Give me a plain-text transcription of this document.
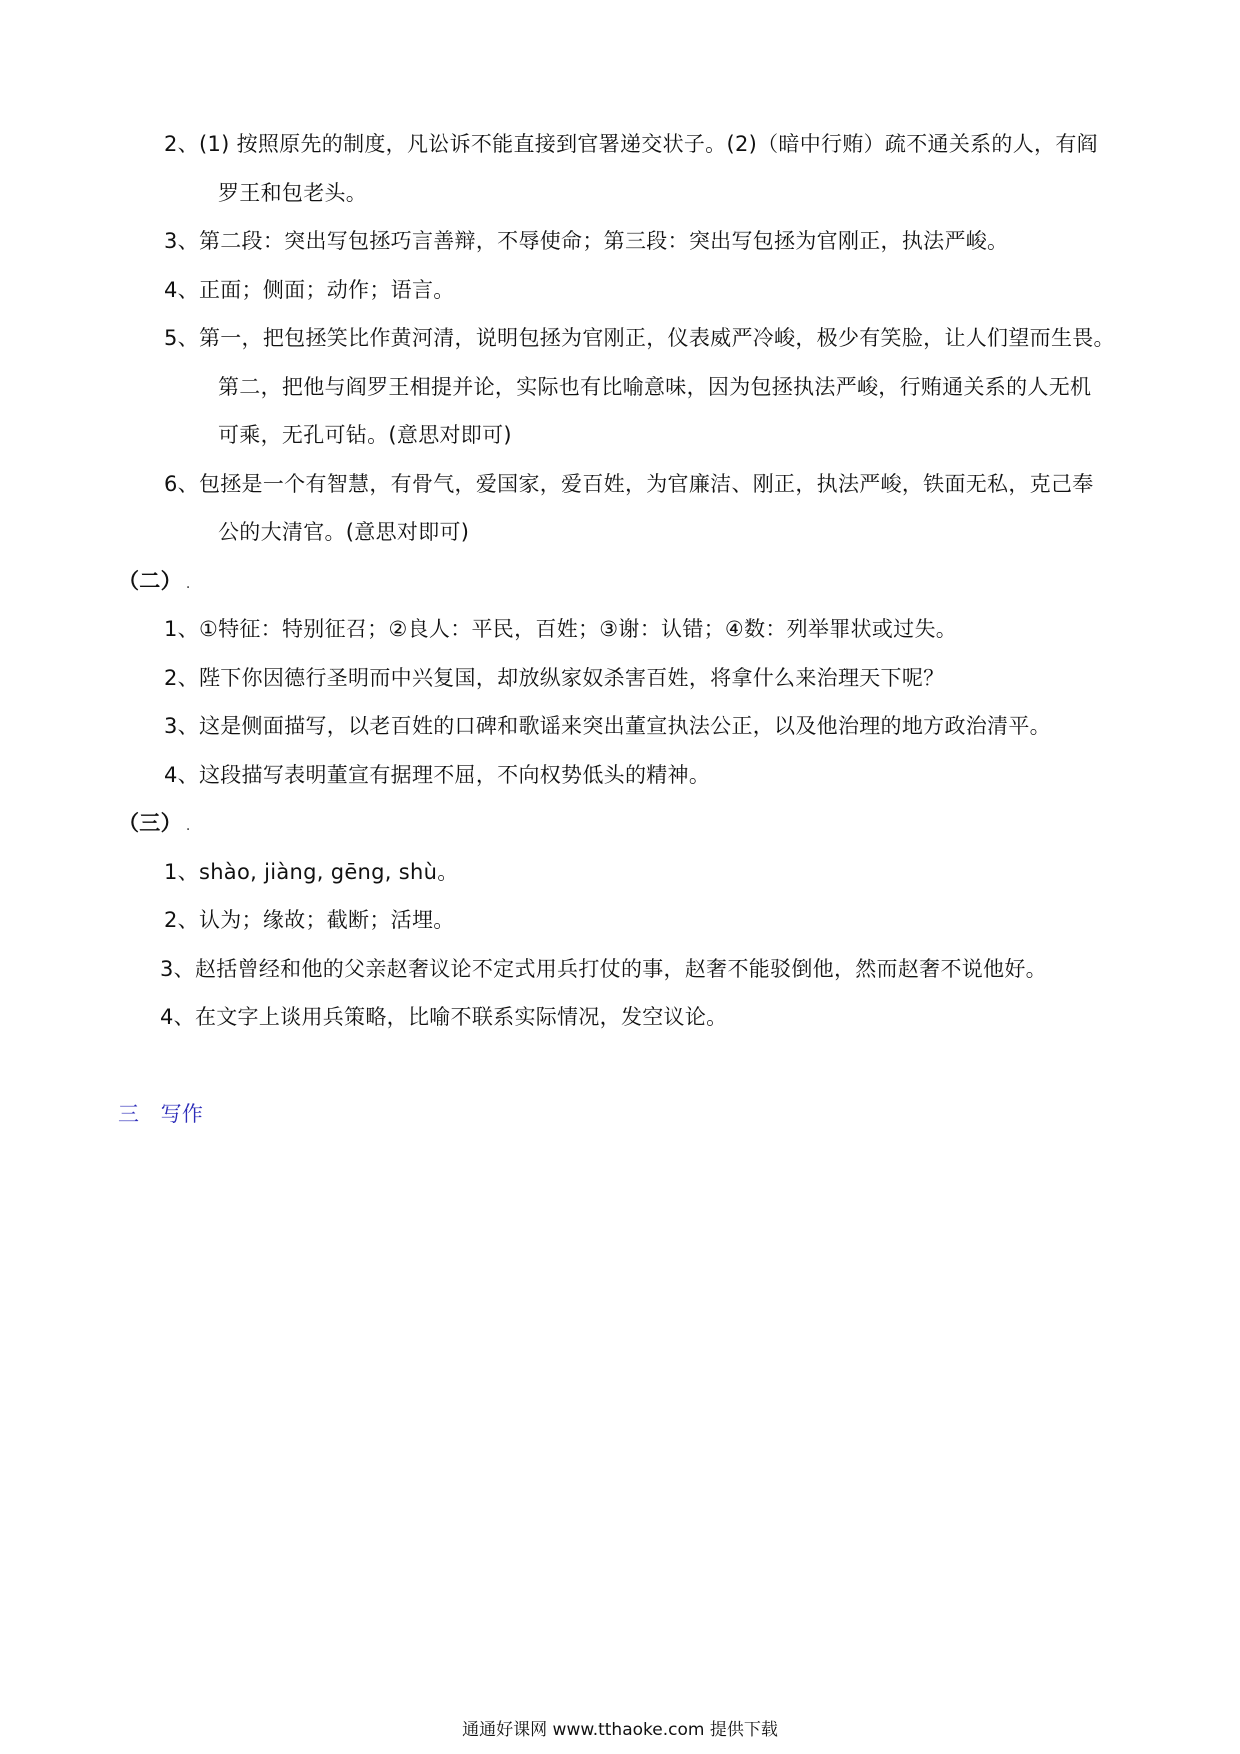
2、(1) 按照原先的制度，凡讼诉不能直接到官署递交状子。(2)（暗中行贿）疏不通关系的人，有阎
罗王和包老头。
3、第二段：突出写包拯巧言善辩，不辱使命；第三段：突出写包拯为官刚正，执法严峻。
4、正面；侧面；动作；语言。
5、第一，把包拯笑比作黄河清，说明包拯为官刚正，仪表威严冷峻，极少有笑脸，让人们望而生畏。
第二，把他与阎罗王相提并论，实际也有比喻意味，因为包拯执法严峻，行贿通关系的人无机
可乘，无孔可钻。(意思对即可)
6、包拯是一个有智慧，有骨气，爱国家，爱百姓，为官廉洁、刚正，执法严峻，铁面无私，克己奉
公的大清官。(意思对即可)
（二） .
1、①特征：特别征召；②良人：平民，百姓；③谢：认错；④数：列举罪状或过失。
2、陛下你因德行圣明而中兴复国，却放纵家奴杀害百姓，将拿什么来治理天下呢？
3、这是侧面描写，以老百姓的口碑和歌谣来突出董宣执法公正，以及他治理的地方政治清平。
4、这段描写表明董宣有据理不屈，不向权势低头的精神。
（三） .
1、shào, jiàng, gēng, shù。
2、认为；缘故；截断；活埋。
3、赵括曾经和他的父亲赵奢议论不定式用兵打仗的事，赵奢不能驳倒他，然而赵奢不说他好。
4、在文字上谈用兵策略，比喻不联系实际情况，发空议论。
三　写作
通通好课网 www.tthaoke.com 提供下载
